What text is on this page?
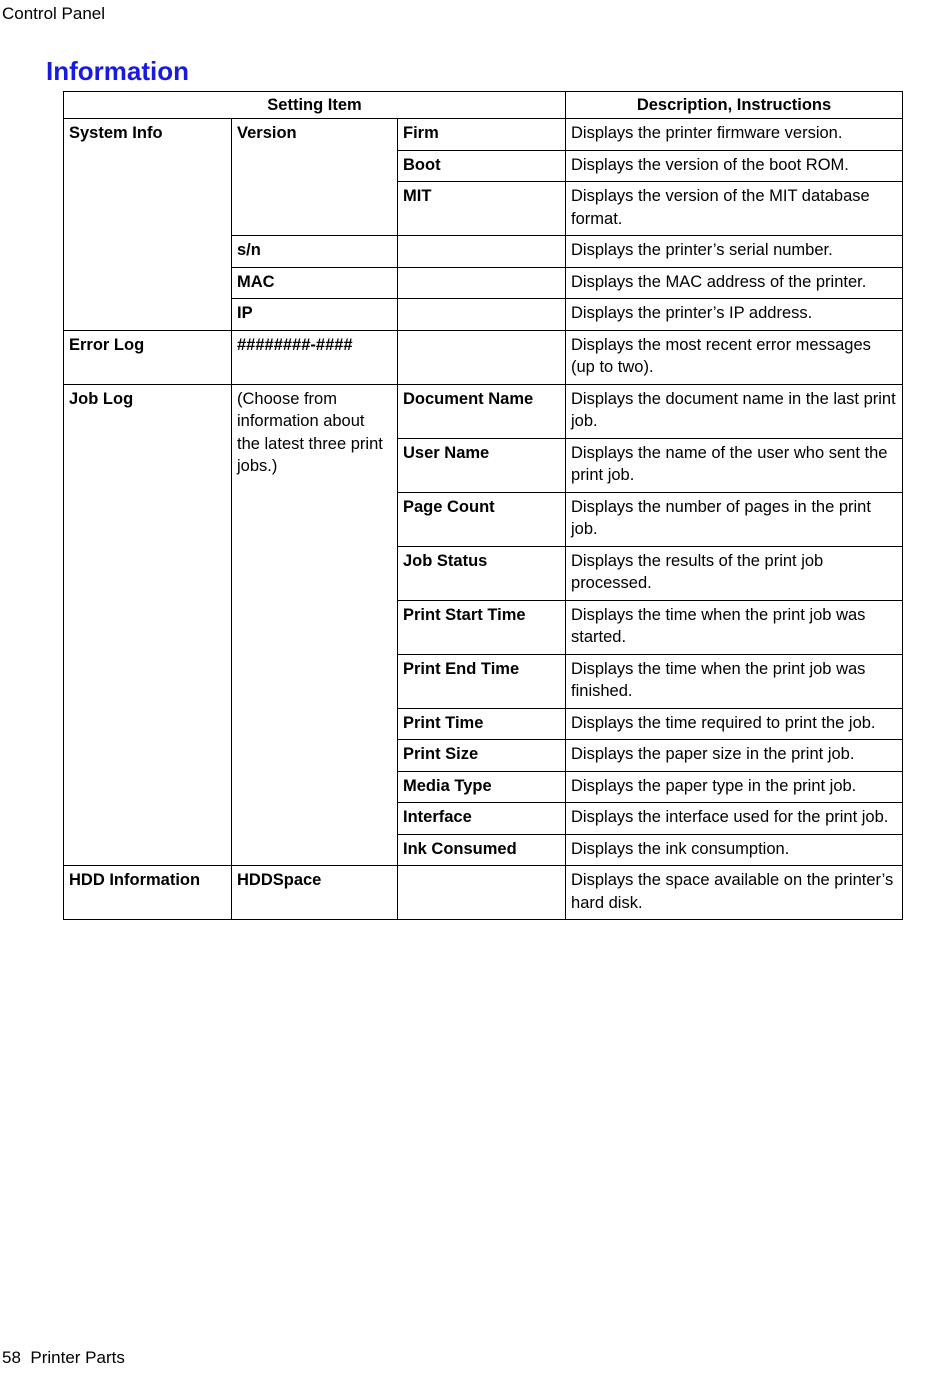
Control Panel
Information
Setting Item			Description, Instructions
System Info	Version	Firm	Displays the printer firmware version.
		Boot	Displays the version of the boot ROM.
		MIT	Displays the version of the MIT database format.
	s/n		Displays the printer’s serial number.
	MAC		Displays the MAC address of the printer.
	IP		Displays the printer’s IP address.
Error Log	########-####		Displays the most recent error messages (up to two).
Job Log	(Choose from information about the latest three print jobs.)	Document Name	Displays the document name in the last print job.
		User Name	Displays the name of the user who sent the print job.
		Page Count	Displays the number of pages in the print job.
		Job Status	Displays the results of the print job processed.
		Print Start Time	Displays the time when the print job was started.
		Print End Time	Displays the time when the print job was finished.
		Print Time	Displays the time required to print the job.
		Print Size	Displays the paper size in the print job.
		Media Type	Displays the paper type in the print job.
		Interface	Displays the interface used for the print job.
		Ink Consumed	Displays the ink consumption.
HDD Information	HDDSpace		Displays the space available on the printer’s hard disk.
58 Printer Parts
